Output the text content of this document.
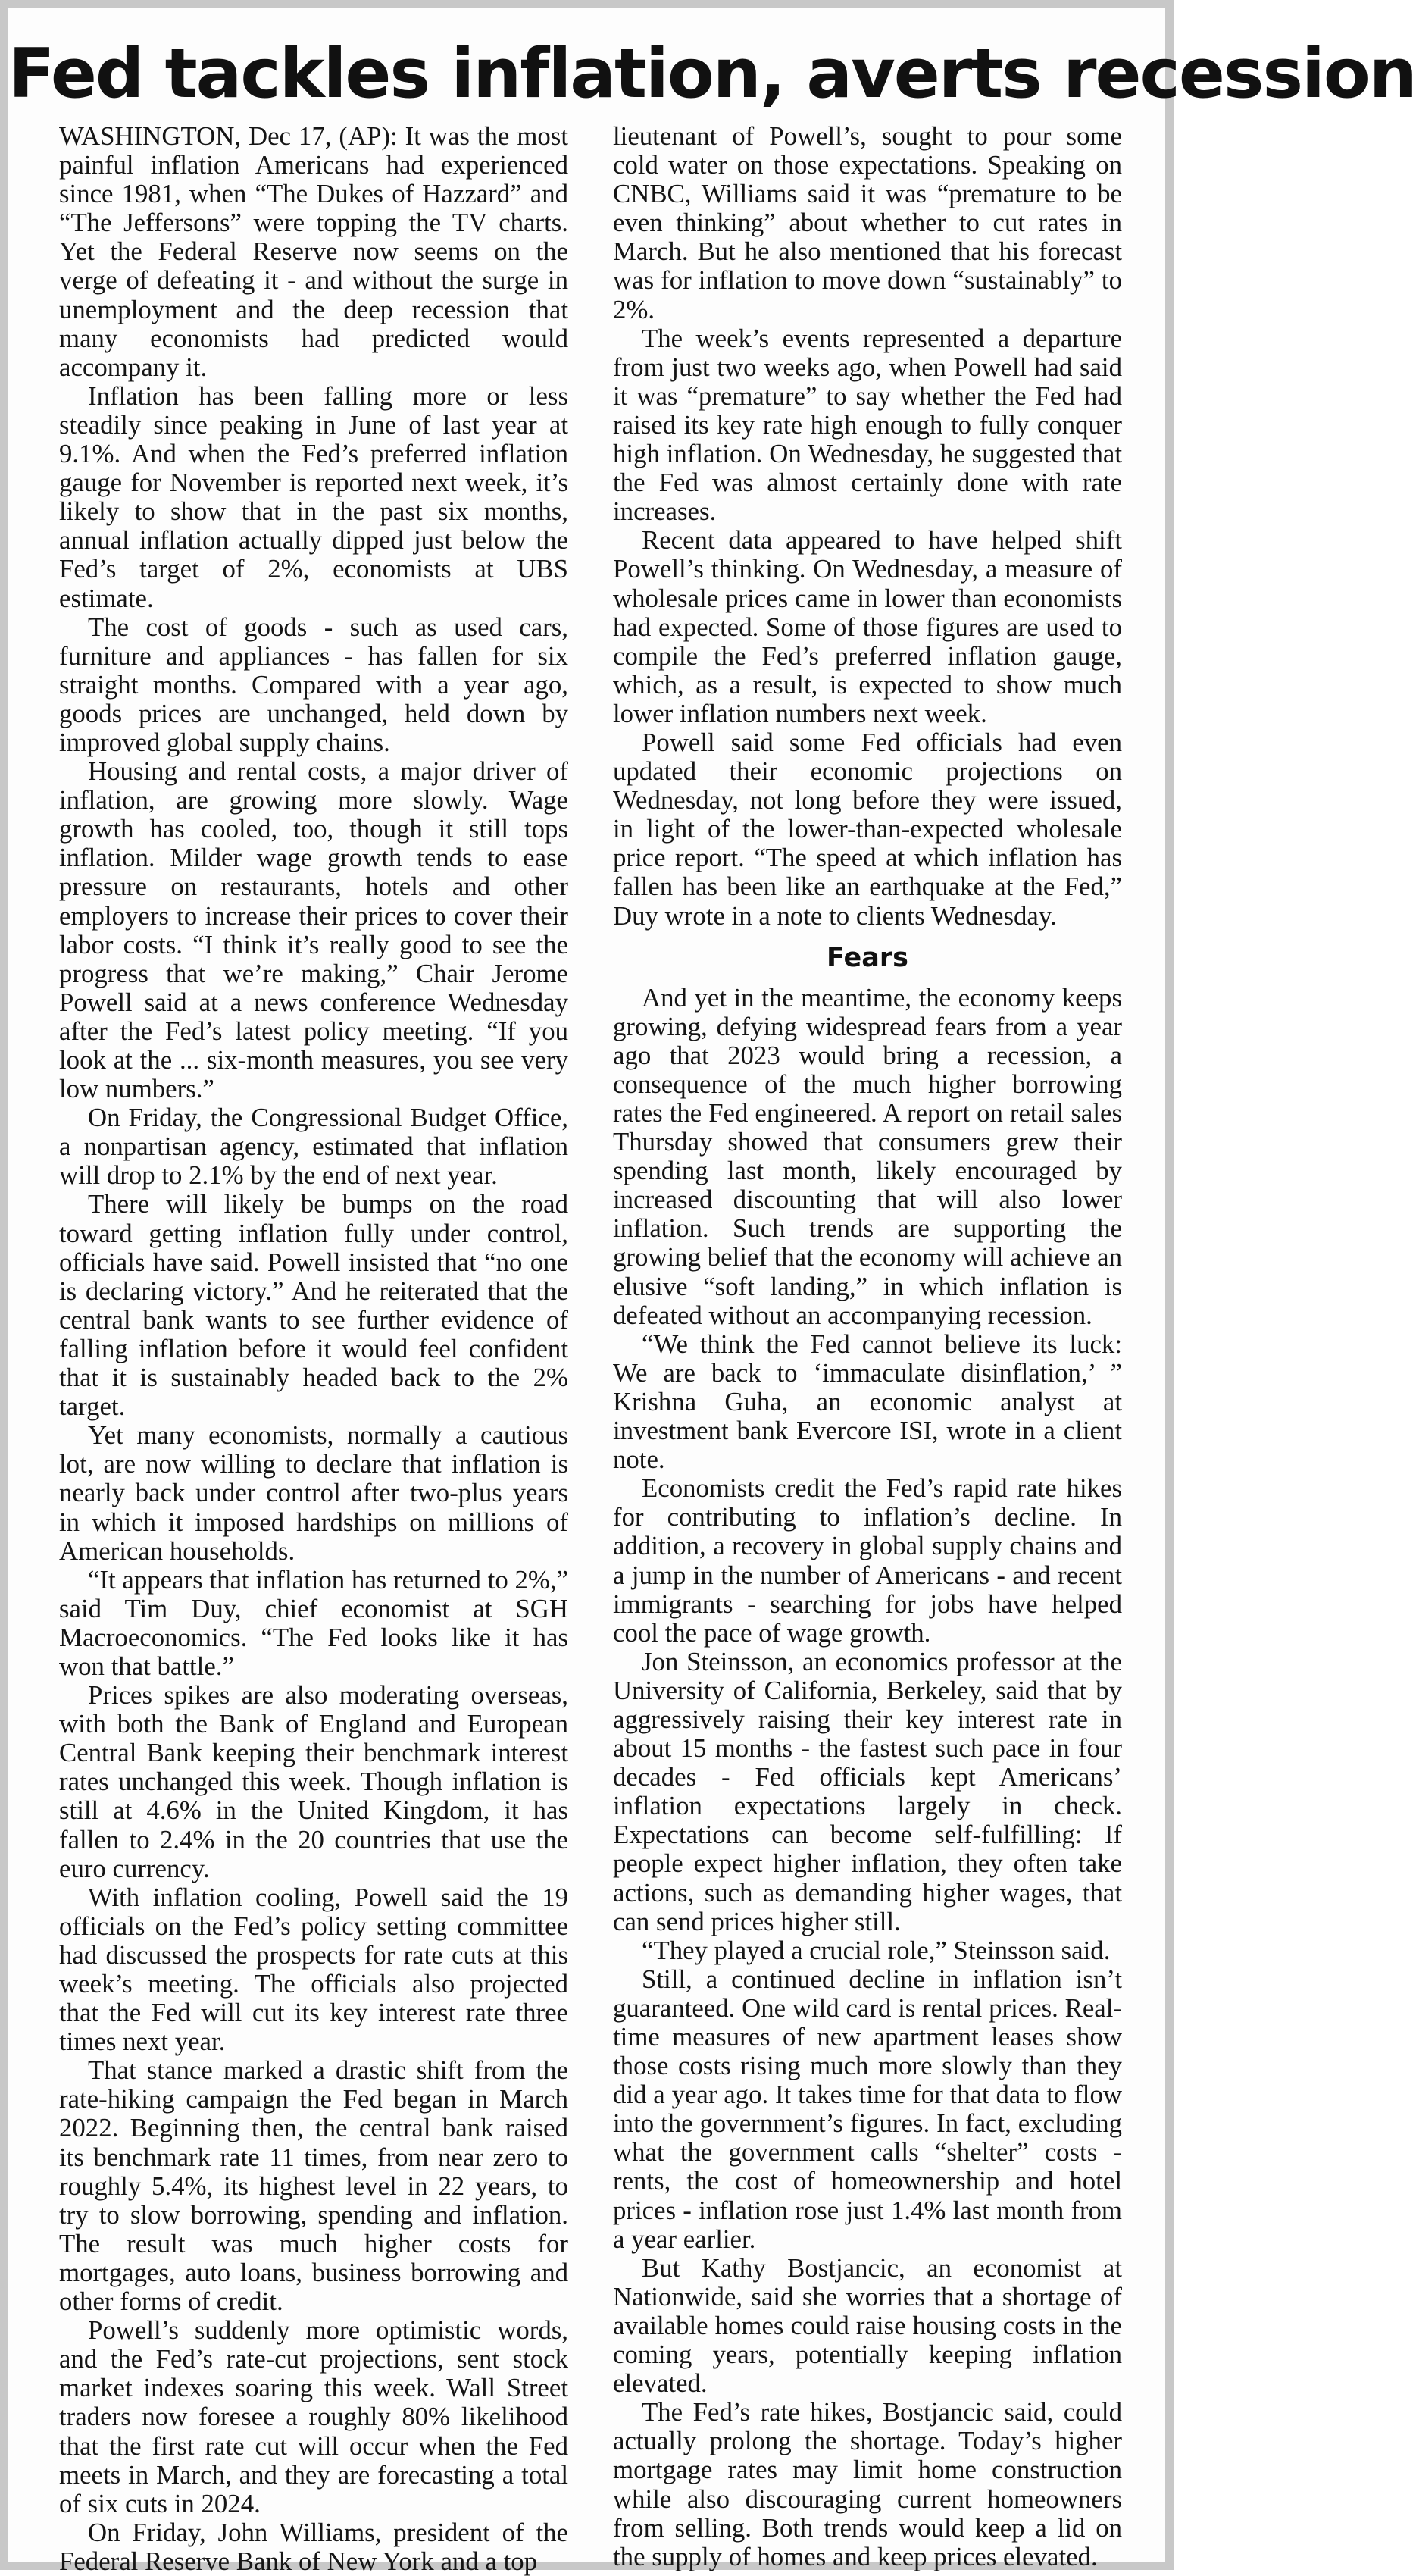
Fed tackles inflation, averts recession

WASHINGTON, Dec 17, (AP): It was the most painful inflation Americans had experienced since 1981, when “The Dukes of Hazzard” and “The Jeffersons” were topping the TV charts. Yet the Federal Reserve now seems on the verge of defeating it - and without the surge in unemployment and the deep recession that many economists had predicted would accompany it.

Inflation has been falling more or less steadily since peaking in June of last year at 9.1%. And when the Fed’s preferred inflation gauge for November is reported next week, it’s likely to show that in the past six months, annual inflation actually dipped just below the Fed’s target of 2%, economists at UBS estimate.

The cost of goods - such as used cars, furniture and appliances - has fallen for six straight months. Compared with a year ago, goods prices are unchanged, held down by improved global supply chains.

Housing and rental costs, a major driver of inflation, are growing more slowly. Wage growth has cooled, too, though it still tops inflation. Milder wage growth tends to ease pressure on restaurants, hotels and other employers to increase their prices to cover their labor costs. “I think it’s really good to see the progress that we’re making,” Chair Jerome Powell said at a news conference Wednesday after the Fed’s latest policy meeting. “If you look at the ... six-month measures, you see very low numbers.”

On Friday, the Congressional Budget Office, a nonpartisan agency, estimated that inflation will drop to 2.1% by the end of next year.

There will likely be bumps on the road toward getting inflation fully under control, officials have said. Powell insisted that “no one is declaring victory.” And he reiterated that the central bank wants to see further evidence of falling inflation before it would feel confident that it is sustainably headed back to the 2% target.

Yet many economists, normally a cautious lot, are now willing to declare that inflation is nearly back under control after two-plus years in which it imposed hardships on millions of American households.

“It appears that inflation has returned to 2%,” said Tim Duy, chief economist at SGH Macroeconomics. “The Fed looks like it has won that battle.”

Prices spikes are also moderating overseas, with both the Bank of England and European Central Bank keeping their benchmark interest rates unchanged this week. Though inflation is still at 4.6% in the United Kingdom, it has fallen to 2.4% in the 20 countries that use the euro currency.

With inflation cooling, Powell said the 19 officials on the Fed’s policy setting committee had discussed the prospects for rate cuts at this week’s meeting. The officials also projected that the Fed will cut its key interest rate three times next year.

That stance marked a drastic shift from the rate-hiking campaign the Fed began in March 2022. Beginning then, the central bank raised its benchmark rate 11 times, from near zero to roughly 5.4%, its highest level in 22 years, to try to slow borrowing, spending and inflation. The result was much higher costs for mortgages, auto loans, business borrowing and other forms of credit.

Powell’s suddenly more optimistic words, and the Fed’s rate-cut projections, sent stock market indexes soaring this week. Wall Street traders now foresee a roughly 80% likelihood that the first rate cut will occur when the Fed meets in March, and they are forecasting a total of six cuts in 2024.

On Friday, John Williams, president of the Federal Reserve Bank of New York and a top

lieutenant of Powell’s, sought to pour some cold water on those expectations. Speaking on CNBC, Williams said it was “premature to be even thinking” about whether to cut rates in March. But he also mentioned that his forecast was for inflation to move down “sustainably” to 2%.

The week’s events represented a departure from just two weeks ago, when Powell had said it was “premature” to say whether the Fed had raised its key rate high enough to fully conquer high inflation. On Wednesday, he suggested that the Fed was almost certainly done with rate increases.

Recent data appeared to have helped shift Powell’s thinking. On Wednesday, a measure of wholesale prices came in lower than economists had expected. Some of those figures are used to compile the Fed’s preferred inflation gauge, which, as a result, is expected to show much lower inflation numbers next week.

Powell said some Fed officials had even updated their economic projections on Wednesday, not long before they were issued, in light of the lower-than-expected wholesale price report. “The speed at which inflation has fallen has been like an earthquake at the Fed,” Duy wrote in a note to clients Wednesday.

Fears

And yet in the meantime, the economy keeps growing, defying widespread fears from a year ago that 2023 would bring a recession, a consequence of the much higher borrowing rates the Fed engineered. A report on retail sales Thursday showed that consumers grew their spending last month, likely encouraged by increased discounting that will also lower inflation. Such trends are supporting the growing belief that the economy will achieve an elusive “soft landing,” in which inflation is defeated without an accompanying recession.

“We think the Fed cannot believe its luck: We are back to ‘immaculate disinflation,’ ” Krishna Guha, an economic analyst at investment bank Evercore ISI, wrote in a client note.

Economists credit the Fed’s rapid rate hikes for contributing to inflation’s decline. In addition, a recovery in global supply chains and a jump in the number of Americans - and recent immigrants - searching for jobs have helped cool the pace of wage growth.

Jon Steinsson, an economics professor at the University of California, Berkeley, said that by aggressively raising their key interest rate in about 15 months - the fastest such pace in four decades - Fed officials kept Americans’ inflation expectations largely in check. Expectations can become self-fulfilling: If people expect higher inflation, they often take actions, such as demanding higher wages, that can send prices higher still.

“They played a crucial role,” Steinsson said.

Still, a continued decline in inflation isn’t guaranteed. One wild card is rental prices. Real-time measures of new apartment leases show those costs rising much more slowly than they did a year ago. It takes time for that data to flow into the government’s figures. In fact, excluding what the government calls “shelter” costs - rents, the cost of homeownership and hotel prices - inflation rose just 1.4% last month from a year earlier.

But Kathy Bostjancic, an economist at Nationwide, said she worries that a shortage of available homes could raise housing costs in the coming years, potentially keeping inflation elevated.

The Fed’s rate hikes, Bostjancic said, could actually prolong the shortage. Today’s higher mortgage rates may limit home construction while also discouraging current homeowners from selling. Both trends would keep a lid on the supply of homes and keep prices elevated.
